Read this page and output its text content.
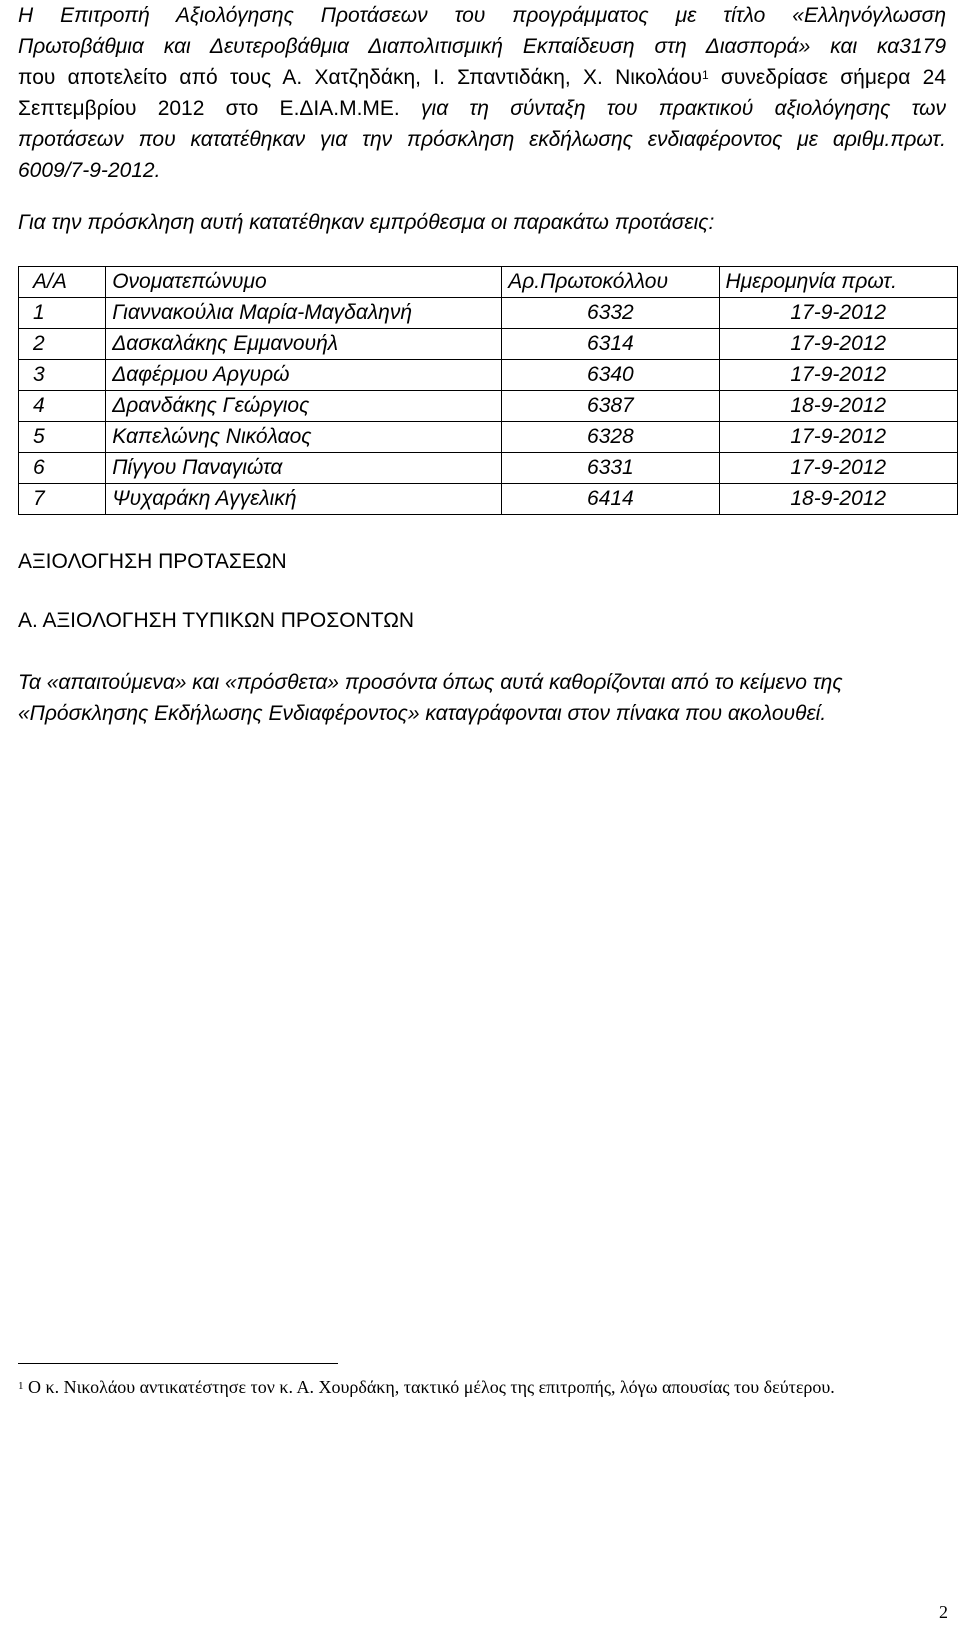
Η Επιτροπή Αξιολόγησης Προτάσεων του προγράμματος με τίτλο «Ελληνόγλωσση
Πρωτοβάθμια και Δευτεροβάθμια Διαπολιτισμική Εκπαίδευση στη Διασπορά» και κα3179
που αποτελείτο από τους Α. Χατζηδάκη, Ι. Σπαντιδάκη, Χ. Νικολάου$^1$ συνεδρίασε σήμερα 24
Σεπτεμβρίου 2012 στο Ε.ΔΙΑ.Μ.ΜΕ. για τη σύνταξη του πρακτικού αξιολόγησης των
προτάσεων που κατατέθηκαν για την πρόσκληση εκδήλωσης ενδιαφέροντος με αριθμ.πρωτ.
6009/7-9-2012.

Για την πρόσκληση αυτή κατατέθηκαν εμπρόθεσμα οι παρακάτω προτάσεις:

Α/Α	Ονοματεπώνυμο	Αρ.Πρωτοκόλλου	Ημερομηνία πρωτ.
1	Γιαννακούλια Μαρία-Μαγδαληνή	6332	17-9-2012
2	Δασκαλάκης Εμμανουήλ	6314	17-9-2012
3	Δαφέρμου Αργυρώ	6340	17-9-2012
4	Δρανδάκης Γεώργιος	6387	18-9-2012
5	Καπελώνης Νικόλαος	6328	17-9-2012
6	Πίγγου Παναγιώτα	6331	17-9-2012
7	Ψυχαράκη Αγγελική	6414	18-9-2012

ΑΞΙΟΛΟΓΗΣΗ ΠΡΟΤΑΣΕΩΝ

Α. ΑΞΙΟΛΟΓΗΣΗ ΤΥΠΙΚΩΝ ΠΡΟΣΟΝΤΩΝ

Τα «απαιτούμενα» και «πρόσθετα» προσόντα όπως αυτά καθορίζονται από το κείμενο της
«Πρόσκλησης Εκδήλωσης Ενδιαφέροντος» καταγράφονται στον πίνακα που ακολουθεί.
$^1$ Ο κ. Νικολάου αντικατέστησε τον κ. Α. Χουρδάκη, τακτικό μέλος της επιτροπής, λόγω απουσίας του δεύτερου.
2
